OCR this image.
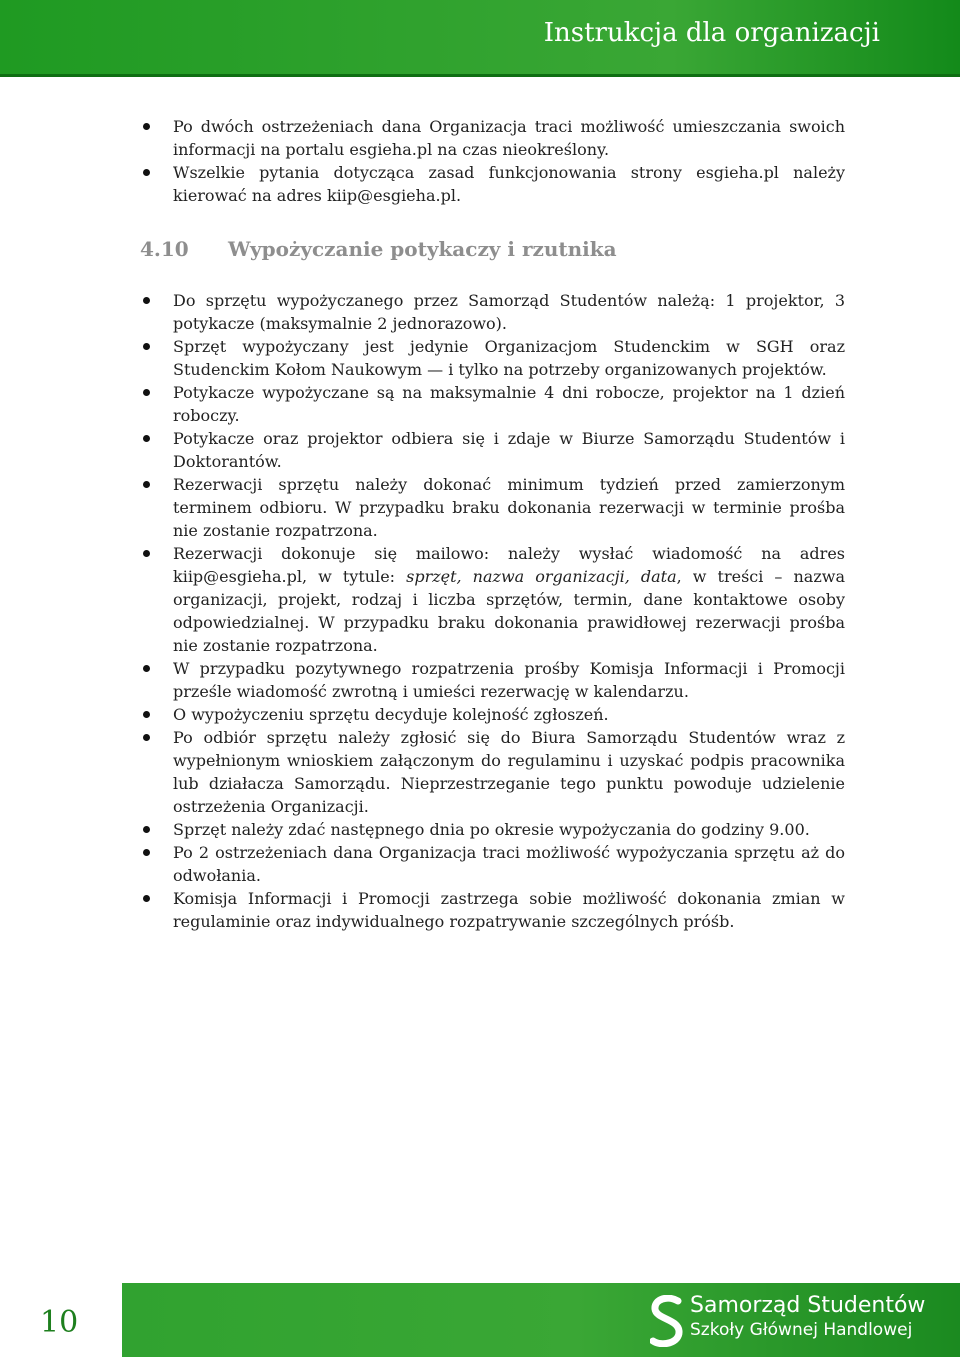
Instrukcja dla organizacji
Po dwóch ostrzeżeniach dana Organizacja traci możliwość umieszczania swoich informacji na portalu esgieha.pl na czas nieokreślony.
Wszelkie pytania dotycząca zasad funkcjonowania strony esgieha.pl należy kierować na adres kiip@esgieha.pl.
4.10	Wypożyczanie potykaczy i rzutnika
Do sprzętu wypożyczanego przez Samorząd Studentów należą: 1 projektor, 3 potykacze (maksymalnie 2 jednorazowo).
Sprzęt wypożyczany jest jedynie Organizacjom Studenckim w SGH oraz Studenckim Kołom Naukowym — i tylko na potrzeby organizowanych projektów.
Potykacze wypożyczane są na maksymalnie 4 dni robocze, projektor na 1 dzień roboczy.
Potykacze oraz projektor odbiera się i zdaje w Biurze Samorządu Studentów i Doktorantów.
Rezerwacji sprzętu należy dokonać minimum tydzień przed zamierzonym terminem odbioru. W przypadku braku dokonania rezerwacji w terminie prośba nie zostanie rozpatrzona.
Rezerwacji dokonuje się mailowo: należy wysłać wiadomość na adres kiip@esgieha.pl, w tytule: sprzęt, nazwa organizacji, data, w treści – nazwa organizacji, projekt, rodzaj i liczba sprzętów, termin, dane kontaktowe osoby odpowiedzialnej. W przypadku braku dokonania prawidłowej rezerwacji prośba nie zostanie rozpatrzona.
W przypadku pozytywnego rozpatrzenia prośby Komisja Informacji i Promocji prześle wiadomość zwrotną i umieści rezerwację w kalendarzu.
O wypożyczeniu sprzętu decyduje kolejność zgłoszeń.
Po odbiór sprzętu należy zgłosić się do Biura Samorządu Studentów wraz z wypełnionym wnioskiem załączonym do regulaminu i uzyskać podpis pracownika lub działacza Samorządu. Nieprzestrzeganie tego punktu powoduje udzielenie ostrzeżenia Organizacji.
Sprzęt należy zdać następnego dnia po okresie wypożyczania do godziny 9.00.
Po 2 ostrzeżeniach dana Organizacja traci możliwość wypożyczania sprzętu aż do odwołania.
Komisja Informacji i Promocji zastrzega sobie możliwość dokonania zmian w regulaminie oraz indywidualnego rozpatrywanie szczególnych próśb.
10	Samorząd Studentów
Szkoły Głównej Handlowej
